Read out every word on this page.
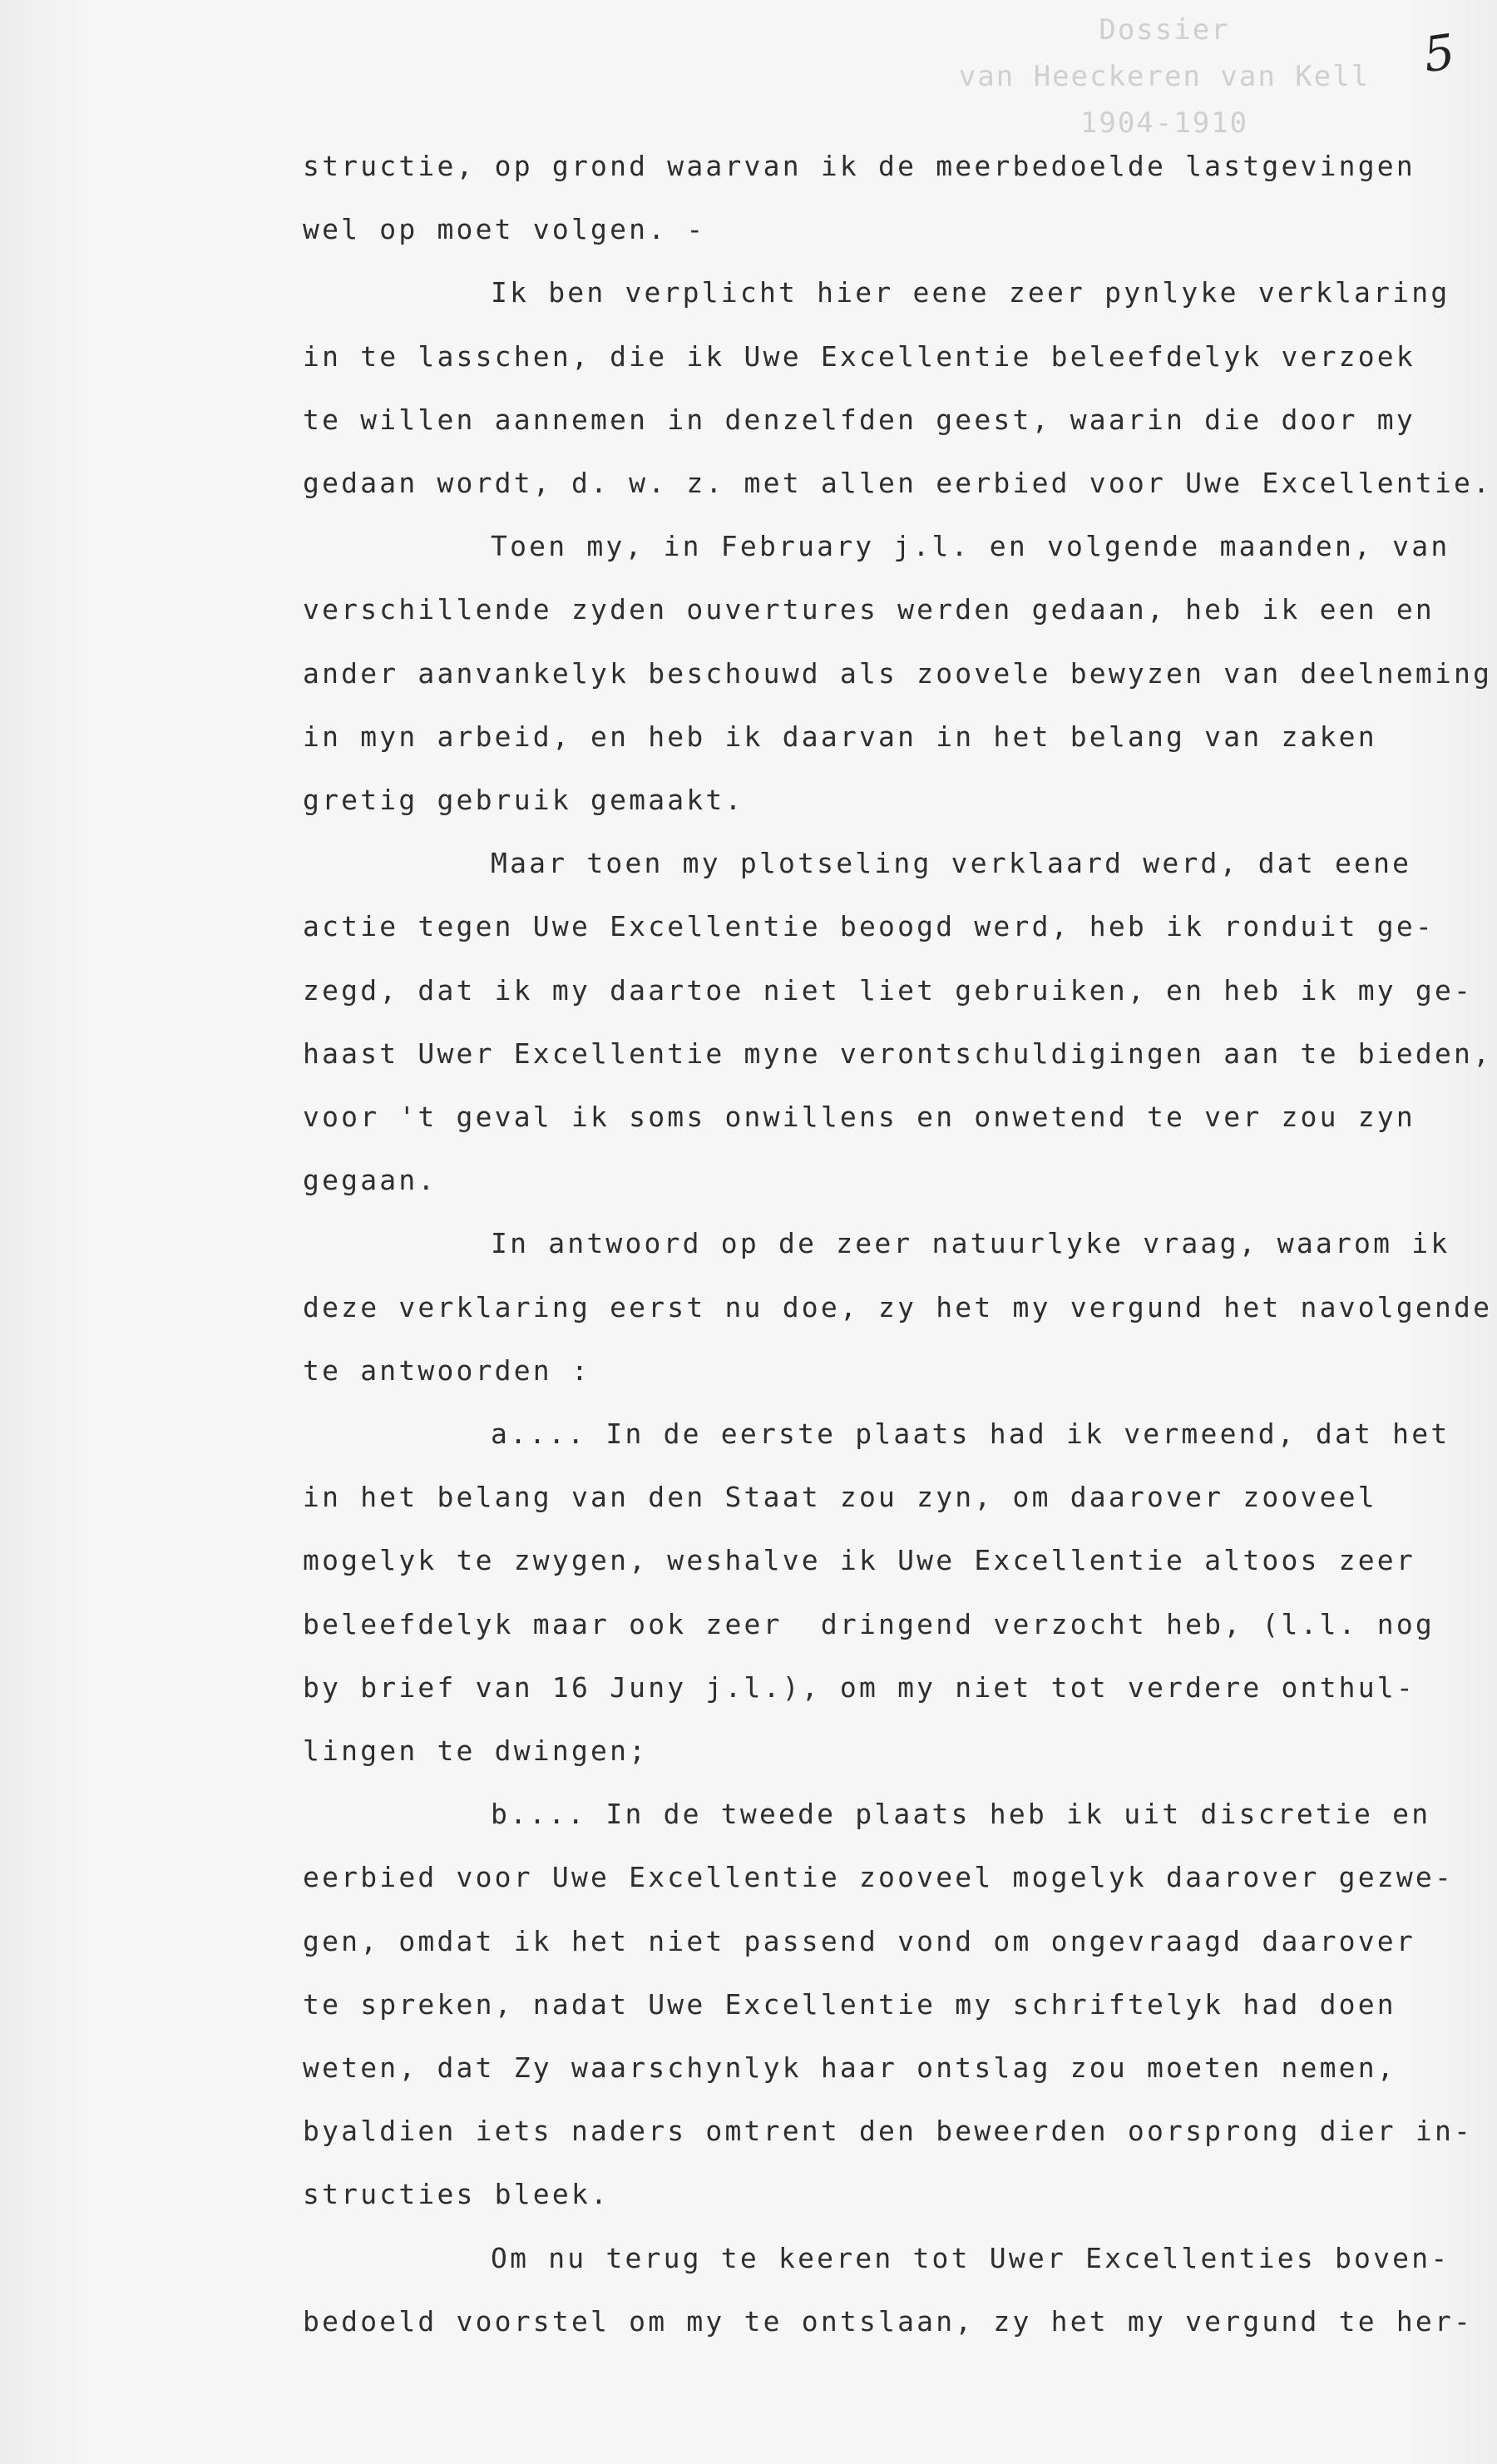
Dossier
van Heeckeren van Kell
1904-1910
5
structie, op grond waarvan ik de meerbedoelde lastgevingen
wel op moet volgen. -
Ik ben verplicht hier eene zeer pynlyke verklaring
in te lasschen, die ik Uwe Excellentie beleefdelyk verzoek
te willen aannemen in denzelfden geest, waarin die door my
gedaan wordt, d. w. z. met allen eerbied voor Uwe Excellentie.
Toen my, in February j.l. en volgende maanden, van
verschillende zyden ouvertures werden gedaan, heb ik een en
ander aanvankelyk beschouwd als zoovele bewyzen van deelneming
in myn arbeid, en heb ik daarvan in het belang van zaken
gretig gebruik gemaakt.
Maar toen my plotseling verklaard werd, dat eene
actie tegen Uwe Excellentie beoogd werd, heb ik ronduit ge-
zegd, dat ik my daartoe niet liet gebruiken, en heb ik my ge-
haast Uwer Excellentie myne verontschuldigingen aan te bieden,
voor 't geval ik soms onwillens en onwetend te ver zou zyn
gegaan.
In antwoord op de zeer natuurlyke vraag, waarom ik
deze verklaring eerst nu doe, zy het my vergund het navolgende
te antwoorden :
a.... In de eerste plaats had ik vermeend, dat het
in het belang van den Staat zou zyn, om daarover zooveel
mogelyk te zwygen, weshalve ik Uwe Excellentie altoos zeer
beleefdelyk maar ook zeer  dringend verzocht heb, (l.l. nog
by brief van 16 Juny j.l.), om my niet tot verdere onthul-
lingen te dwingen;
b.... In de tweede plaats heb ik uit discretie en
eerbied voor Uwe Excellentie zooveel mogelyk daarover gezwe-
gen, omdat ik het niet passend vond om ongevraagd daarover
te spreken, nadat Uwe Excellentie my schriftelyk had doen
weten, dat Zy waarschynlyk haar ontslag zou moeten nemen,
byaldien iets naders omtrent den beweerden oorsprong dier in-
structies bleek.
Om nu terug te keeren tot Uwer Excellenties boven-
bedoeld voorstel om my te ontslaan, zy het my vergund te her-
